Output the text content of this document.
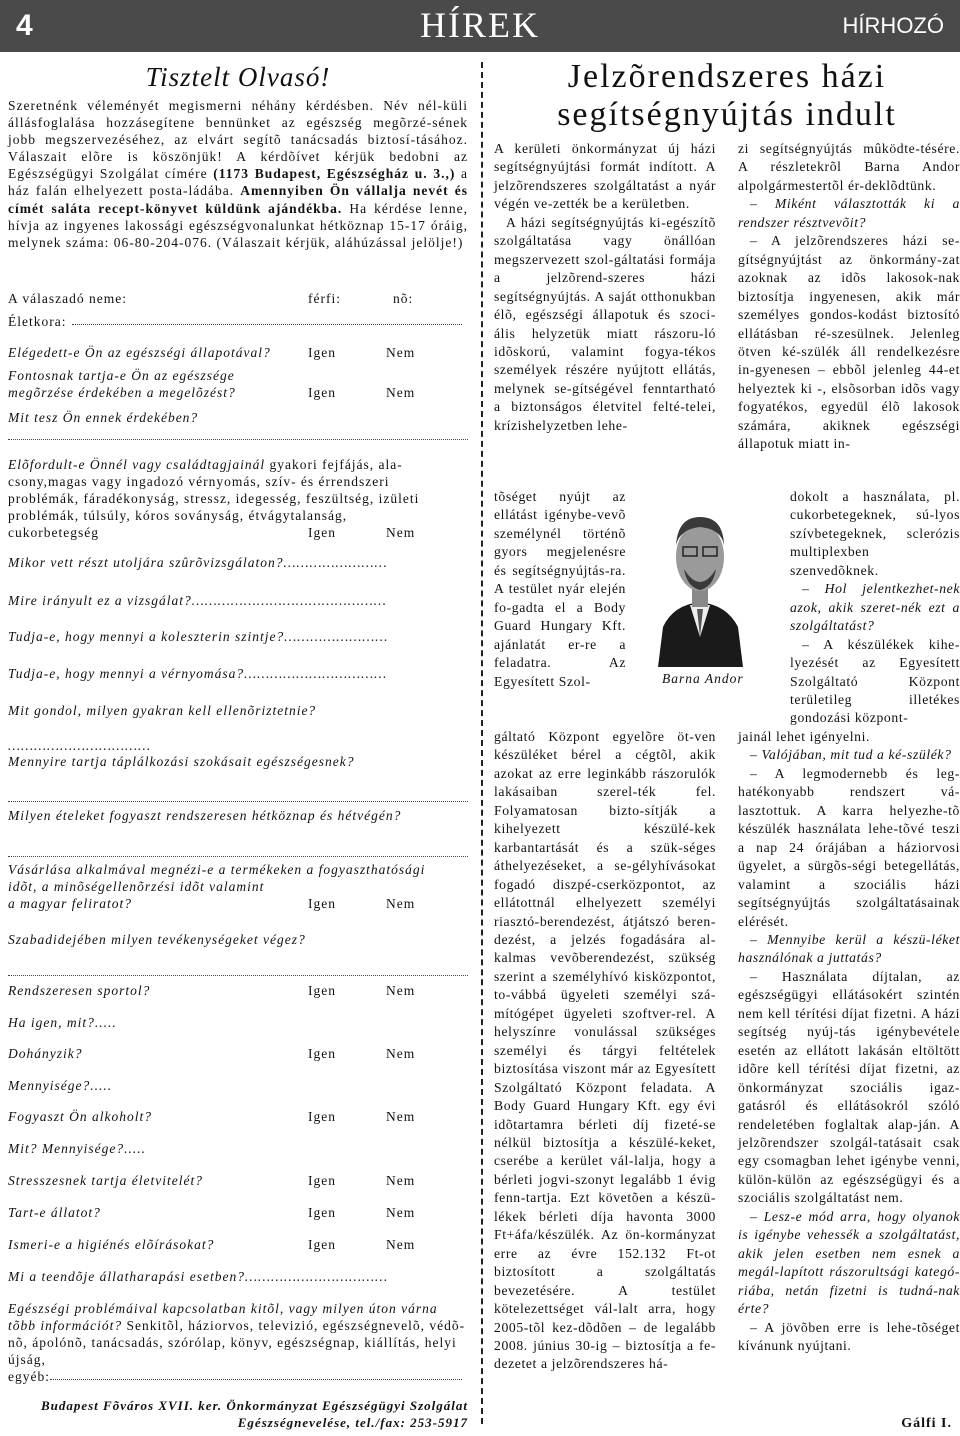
4	HÍREK	HÍRHOZÓ
Tisztelt Olvasó!
Szeretnénk véleményét megismerni néhány kérdésben. Név nél-küli állásfoglalása hozzásegítene bennünket az egészség megõrzé-sének jobb megszervezéséhez, az elvárt segítõ tanácsadás biztosí-tásához. Válaszait elõre is köszönjük! A kérdõívet kérjük bedobni az Egészségügyi Szolgálat címére (1173 Budapest, Egészségház u. 3.,) a ház falán elhelyezett posta-ládába. Amennyiben Ön vállalja nevét és címét saláta recept-könyvet küldünk ajándékba. Ha kérdése lenne, hívja az ingyenes lakossági egészségvonalunkat hétköznap 15-17 óráig, melynek száma: 06-80-204-076. (Válaszait kérjük, aláhúzással jelölje!)
A válaszadó neme:	férfi:	nõ:
Életkora:
Elégedett-e Ön az egészségi állapotával?	Igen	Nem
Fontosnak tartja-e Ön az egészsége
megõrzése érdekében a megelõzést?	Igen	Nem
Mit tesz Ön ennek érdekében?
Elõfordult-e Önnél vagy családtagjainál gyakori fejfájás, ala-
csony,magas vagy ingadozó vérnyomás, szív- és érrendszeri
problémák, fáradékonyság, stressz, idegesség, feszültség, izületi
problémák, túlsúly, kóros soványság, étvágytalanság,
cukorbetegség	Igen	Nem
Mikor vett részt utoljára szûrõvizsgálaton?……………………
Mire irányult ez a vizsgálat?………………………………………
Tudja-e, hogy mennyi a koleszterin szintje?……………………
Tudja-e, hogy mennyi a vérnyomása?……………………………
Mit gondol, milyen gyakran kell ellenõriztetnie?
……………………………
Mennyire tartja táplálkozási szokásait egészségesnek?
Milyen ételeket fogyaszt rendszeresen hétköznap és hétvégén?
Vásárlása alkalmával megnézi-e a termékeken a fogyaszthatósági
idõt, a minõségellenõrzési idõt valamint
a magyar feliratot?	Igen	Nem
Szabadidejében milyen tevékenységeket végez?
Rendszeresen sportol?	Igen	Nem
Ha igen, mit?.....
Dohányzik?	Igen	Nem
Mennyisége?.....
Fogyaszt Ön alkoholt?	Igen	Nem
Mit? Mennyisége?.....
Stresszesnek tartja életvitelét?	Igen	Nem
Tart-e állatot?	Igen	Nem
Ismeri-e a higiénés elõírásokat?	Igen	Nem
Mi a teendõje állatharapási esetben?……………………………
Egészségi problémáival kapcsolatban kitõl, vagy milyen úton várna
tõbb információt? Senkitõl, háziorvos, televizió, egészségnevelõ, védõ-
nõ, ápolónõ, tanácsadás, szórólap, könyv, egészségnap, kiállítás, helyi
újság,
egyéb:
Budapest Fõváros XVII. ker. Önkormányzat Egészségügyi Szolgálat
Egészségnevelése, tel./fax: 253-5917
Jelzõrendszeres házi
segítségnyújtás indult

A kerületi önkormányzat új házi segítségnyújtási formát indított. A jelzõrendszeres szolgáltatást a nyár végén ve-zették be a kerületben.

A házi segítségnyújtás ki-egészítõ szolgáltatása vagy önállóan megszervezett szol-gáltatási formája a jelzõrend-szeres házi segítségnyújtás. A saját otthonukban élõ, egészségi állapotuk és szoci-ális helyzetük miatt rászoru-ló idõskorú, valamint fogya-tékos személyek részére nyújtott ellátás, melynek se-gítségével fenntartható a biztonságos életvitel felté-telei, krízishelyzetben lehe-

tõséget nyújt az ellátást igénybe-vevõ személynél történõ gyors megjelenésre és segítségnyújtás-ra. A testület nyár elején fo-gadta el a Body Guard Hungary Kft. ajánlatát er-re a feladatra. Az Egyesített Szol-

gáltató Központ egyelõre öt-ven készüléket bérel a cégtõl, akik azokat az erre leginkább rászorulók lakásaiban szerel-ték fel. Folyamatosan bizto-sítják a kihelyezett készülé-kek karbantartását és a szük-séges áthelyezéseket, a se-gélyhívásokat fogadó diszpé-cserközpontot, az ellátottnál elhelyezett személyi riasztó-berendezést, átjátszó beren-dezést, a jelzés fogadására al-kalmas vevõberendezést, szükség szerint a személyhívó kisközpontot, to-vábbá ügyeleti személyi szá-mítógépet ügyeleti szoftver-rel. A helyszínre vonulással szükséges személyi és tárgyi feltételek biztosítása viszont már az Egyesített Szolgáltató Központ feladata. A Body Guard Hungary Kft. egy évi idõtartamra bérleti díj fizeté-se nélkül biztosítja a készülé-keket, cserébe a kerület vál-lalja, hogy a bérleti jogvi-szonyt legalább 1 évig fenn-tartja. Ezt követõen a készü-lékek bérleti díja havonta 3000 Ft+áfa/készülék. Az ön-kormányzat erre az évre 152.132 Ft-ot biztosított a szolgáltatás bevezetésére. A testület kötelezettséget vál-lalt arra, hogy 2005-tõl kez-dõdõen – de legalább 2008. június 30-ig – biztosítja a fe-dezetet a jelzõrendszeres há-

Barna Andor

zi segítségnyújtás mûködte-tésére. A részletekrõl Barna Andor alpolgármestertõl ér-deklõdtünk.

– Miként választották ki a rendszer résztvevõit?

– A jelzõrendszeres házi se-gítségnyújtást az önkormány-zat azoknak az idõs lakosok-nak biztosítja ingyenesen, akik már személyes gondos-kodást biztosító ellátásban ré-szesülnek. Jelenleg ötven ké-szülék áll rendelkezésre in-gyenesen – ebbõl jelenleg 44-et helyeztek ki -, elsõsorban idõs vagy fogyatékos, egyedül élõ lakosok számára, akiknek egészségi állapotuk miatt in-

dokolt a használata, pl. cukorbetegeknek, sú-lyos szívbetegeknek, sclerózis multiplexben szenvedõknek.

– Hol jelentkezhet-nek azok, akik szeret-nék ezt a szolgáltatást?

– A készülékek kihe-lyezését az Egyesített Szolgáltató Központ területileg illetékes gondozási központ-

jainál lehet igényelni.

– Valójában, mit tud a ké-szülék?

– A legmodernebb és leg-hatékonyabb rendszert vá-lasztottuk. A karra helyezhe-tõ készülék használata lehe-tõvé teszi a nap 24 órájában a háziorvosi ügyelet, a sürgõs-ségi betegellátás, valamint a szociális házi segítségnyújtás szolgáltatásainak elérését.

– Mennyibe kerül a készü-léket használónak a juttatás?

– Használata díjtalan, az egészségügyi ellátásokért szintén nem kell térítési díjat fizetni. A házi segítség nyúj-tás igénybevétele esetén az ellátott lakásán eltöltött idõre kell térítési díjat fizetni, az önkormányzat szociális igaz-gatásról és ellátásokról szóló rendeletében foglaltak alap-ján. A jelzõrendszer szolgál-tatásait csak egy csomagban lehet igénybe venni, külön-külön az egészségügyi és a szociális szolgáltatást nem.

– Lesz-e mód arra, hogy olyanok is igénybe vehessék a szolgáltatást, akik jelen esetben nem esnek a megál-lapított rászorultsági kategó-riába, netán fizetni is tudná-nak érte?

– A jövõben erre is lehe-tõséget kívánunk nyújtani.

Gálfi I.
